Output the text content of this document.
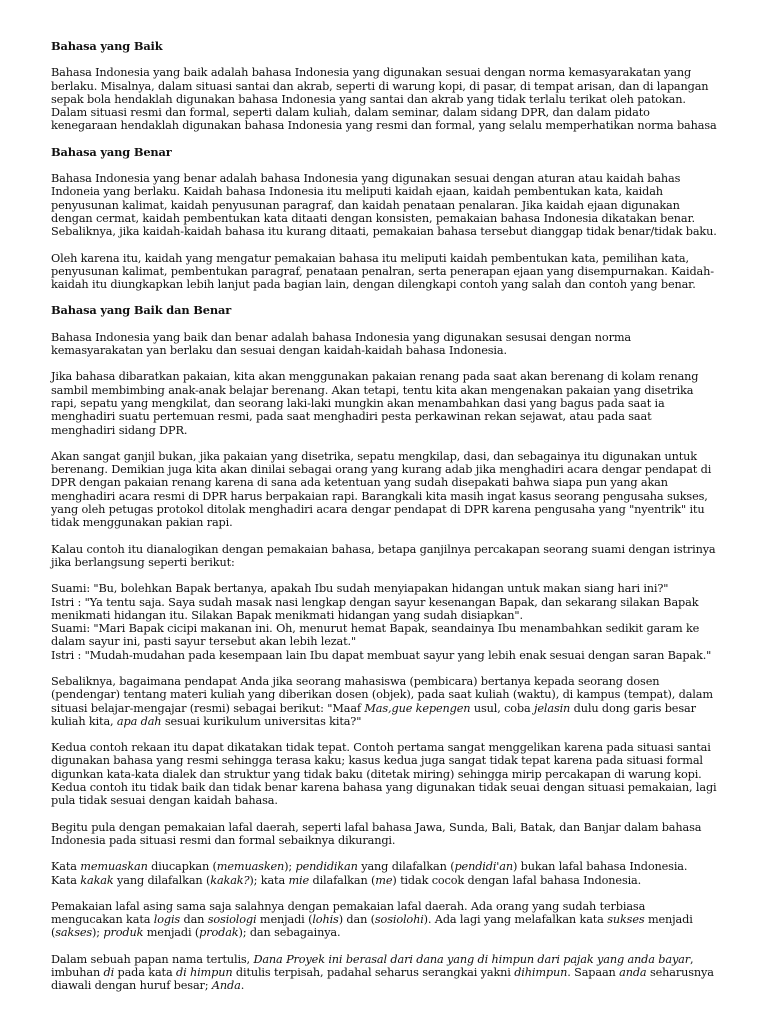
Bahasa yang Baik

Bahasa Indonesia yang baik adalah bahasa Indonesia yang digunakan sesuai dengan norma kemasyarakatan yang berlaku. Misalnya, dalam situasi santai dan akrab, seperti di warung kopi, di pasar, di tempat arisan, dan di lapangan sepak bola hendaklah digunakan bahasa Indonesia yang santai dan akrab yang tidak terlalu terikat oleh patokan. Dalam situasi resmi dan formal, seperti dalam kuliah, dalam seminar, dalam sidang DPR, dan dalam pidato kenegaraan hendaklah digunakan bahasa Indonesia yang resmi dan formal, yang selalu memperhatikan norma bahasa

Bahasa yang Benar

Bahasa Indonesia yang benar adalah bahasa Indonesia yang digunakan sesuai dengan aturan atau kaidah bahas Indoneia yang berlaku. Kaidah bahasa Indonesia itu meliputi kaidah ejaan, kaidah pembentukan kata, kaidah penyusunan kalimat, kaidah penyusunan paragraf, dan kaidah penataan penalaran. Jika kaidah ejaan digunakan dengan cermat, kaidah pembentukan kata ditaati dengan konsisten, pemakaian bahasa Indonesia dikatakan benar. Sebaliknya, jika kaidah-kaidah bahasa itu kurang ditaati, pemakaian bahasa tersebut dianggap tidak benar/tidak baku.

Oleh karena itu, kaidah yang mengatur pemakaian bahasa itu meliputi kaidah pembentukan kata, pemilihan kata, penyusunan kalimat, pembentukan paragraf, penataan penalran, serta penerapan ejaan yang disempurnakan. Kaidah- kaidah itu diungkapkan lebih lanjut pada bagian lain, dengan dilengkapi contoh yang salah dan contoh yang benar.

Bahasa yang Baik dan Benar

Bahasa Indonesia yang baik dan benar adalah bahasa Indonesia yang digunakan sesusai dengan norma kemasyarakatan yan berlaku dan sesuai dengan kaidah-kaidah bahasa Indonesia.

Jika bahasa dibaratkan pakaian, kita akan menggunakan pakaian renang pada saat akan berenang di kolam renang sambil membimbing anak-anak belajar berenang. Akan tetapi, tentu kita akan mengenakan pakaian yang disetrika rapi, sepatu yang mengkilat, dan seorang laki-laki mungkin akan menambahkan dasi yang bagus pada saat ia menghadiri suatu pertemuan resmi, pada saat menghadiri pesta perkawinan rekan sejawat, atau pada saat menghadiri sidang DPR.

Akan sangat ganjil bukan, jika pakaian yang disetrika, sepatu mengkilap, dasi, dan sebagainya itu digunakan untuk berenang. Demikian juga kita akan dinilai sebagai orang yang kurang adab jika menghadiri acara dengar pendapat di DPR dengan pakaian renang karena di sana ada ketentuan yang sudah disepakati bahwa siapa pun yang akan menghadiri acara resmi di DPR harus berpakaian rapi. Barangkali kita masih ingat kasus seorang pengusaha sukses, yang oleh petugas protokol ditolak menghadiri acara dengar pendapat di DPR karena pengusaha yang "nyentrik" itu tidak menggunakan pakian rapi.

Kalau contoh itu dianalogikan dengan pemakaian bahasa, betapa ganjilnya percakapan seorang suami dengan istrinya jika berlangsung seperti berikut:

Suami: "Bu, bolehkan Bapak bertanya, apakah Ibu sudah menyiapakan hidangan untuk makan siang hari ini?"
Istri : "Ya tentu saja. Saya sudah masak nasi lengkap dengan sayur kesenangan Bapak, dan sekarang silakan Bapak menikmati hidangan itu. Silakan Bapak menikmati hidangan yang sudah disiapkan".
Suami: "Mari Bapak cicipi makanan ini. Oh, menurut hemat Bapak, seandainya Ibu menambahkan sedikit garam ke dalam sayur ini, pasti sayur tersebut akan lebih lezat."
Istri : "Mudah-mudahan pada kesempaan lain Ibu dapat membuat sayur yang lebih enak sesuai dengan saran Bapak."

Sebaliknya, bagaimana pendapat Anda jika seorang mahasiswa (pembicara) bertanya kepada seorang dosen (pendengar) tentang materi kuliah yang diberikan dosen (objek), pada saat kuliah (waktu), di kampus (tempat), dalam situasi belajar-mengajar (resmi) sebagai berikut: "Maaf Mas,gue kepengen usul, coba jelasin dulu dong garis besar kuliah kita, apa dah sesuai kurikulum universitas kita?"

Kedua contoh rekaan itu dapat dikatakan tidak tepat. Contoh pertama sangat menggelikan karena pada situasi santai digunakan bahasa yang resmi sehingga terasa kaku; kasus kedua juga sangat tidak tepat karena pada situasi formal digunkan kata-kata dialek dan struktur yang tidak baku (ditetak miring) sehingga mirip percakapan di warung kopi. Kedua contoh itu tidak baik dan tidak benar karena bahasa yang digunakan tidak seuai dengan situasi pemakaian, lagi pula tidak sesuai dengan kaidah bahasa.

Begitu pula dengan pemakaian lafal daerah, seperti lafal bahasa Jawa, Sunda, Bali, Batak, dan Banjar dalam bahasa Indonesia pada situasi resmi dan formal sebaiknya dikurangi.

Kata memuaskan diucapkan (memuasken); pendidikan yang dilafalkan (pendidi'an) bukan lafal bahasa Indonesia.
Kata kakak yang dilafalkan (kakak?); kata mie dilafalkan (me) tidak cocok dengan lafal bahasa Indonesia.

Pemakaian lafal asing sama saja salahnya dengan pemakaian lafal daerah. Ada orang yang sudah terbiasa mengucakan kata logis dan sosiologi menjadi (lohis) dan (sosiolohi). Ada lagi yang melafalkan kata sukses menjadi (sakses); produk menjadi (prodak); dan sebagainya.

Dalam sebuah papan nama tertulis, Dana Proyek ini berasal dari dana yang di himpun dari pajak yang anda bayar, imbuhan di pada kata di himpun ditulis terpisah, padahal seharus serangkai yakni dihimpun. Sapaan anda seharusnya diawali dengan huruf besar; Anda.
